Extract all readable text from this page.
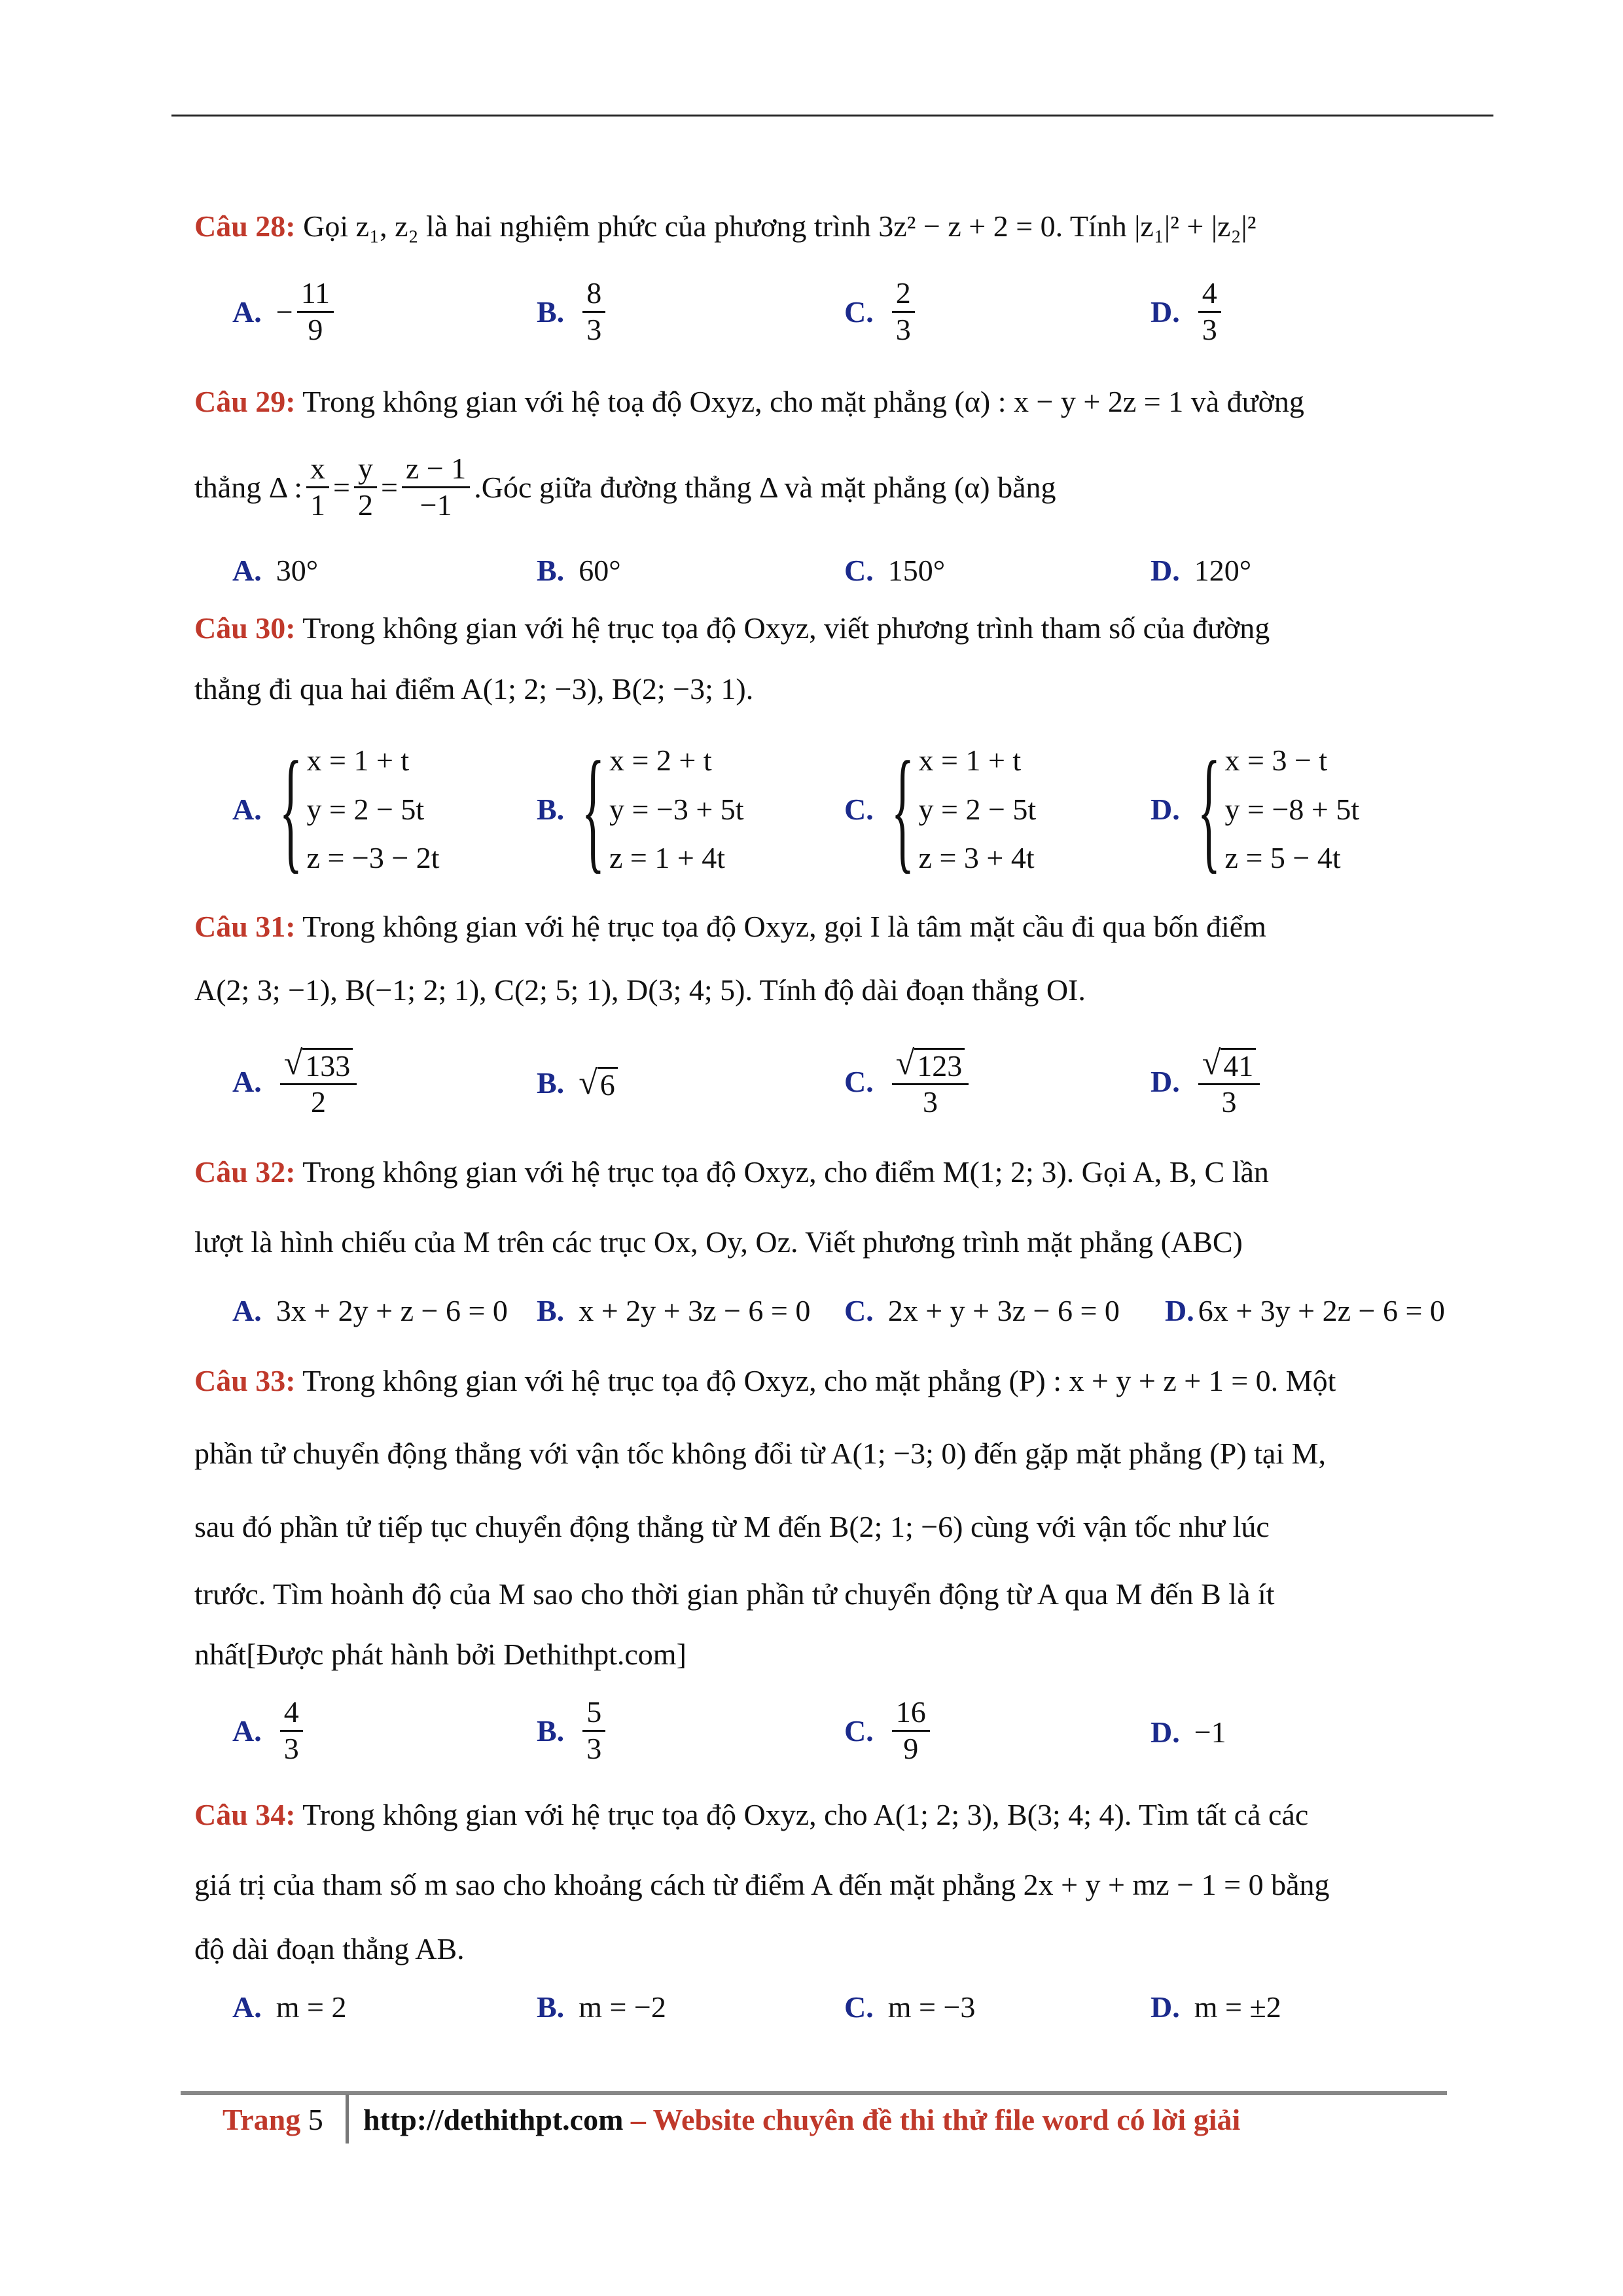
Câu 28: Gọi z₁, z₂ là hai nghiệm phức của phương trình 3z² − z + 2 = 0. Tính |z₁|² + |z₂|²
A. − $\frac{11}{9}$	B. $\frac{8}{3}$	C. $\frac{2}{3}$	D. $\frac{4}{3}$
Câu 29: Trong không gian với hệ toạ độ Oxyz, cho mặt phẳng (α) : x − y + 2z = 1 và đường
thẳng Δ : $\frac{x}{1} = \frac{y}{2} = \frac{z - 1}{-1}$ .Góc giữa đường thẳng Δ và mặt phẳng (α) bằng
A. 30°	B. 60°	C. 150°	D. 120°
Câu 30: Trong không gian với hệ trục tọa độ Oxyz, viết phương trình tham số của đường
thẳng đi qua hai điểm A(1; 2; −3), B(2; −3; 1).
A. { x = 1 + t
y = 2 − 5t
z = −3 − 2t
B. { x = 2 + t
y = −3 + 5t
z = 1 + 4t
C. { x = 1 + t
y = 2 − 5t
z = 3 + 4t
D. { x = 3 − t
y = −8 + 5t
z = 5 − 4t
Câu 31: Trong không gian với hệ trục tọa độ Oxyz, gọi I là tâm mặt cầu đi qua bốn điểm
A(2; 3; −1), B(−1; 2; 1), C(2; 5; 1), D(3; 4; 5). Tính độ dài đoạn thẳng OI.
A. $\frac{√ 133}{2}$	B. √ 6	C. $\frac{√ 123}{3}$	D. $\frac{√ 41}{3}$
Câu 32: Trong không gian với hệ trục tọa độ Oxyz, cho điểm M(1; 2; 3). Gọi A, B, C lần
lượt là hình chiếu của M trên các trục Ox, Oy, Oz. Viết phương trình mặt phẳng (ABC)
A. 3x + 2y + z − 6 = 0 B. x + 2y + 3z − 6 = 0 C. 2x + y + 3z − 6 = 0 D. 6x + 3y + 2z − 6 = 0
Câu 33: Trong không gian với hệ trục tọa độ Oxyz, cho mặt phẳng (P) : x + y + z + 1 = 0. Một
phần tử chuyển động thẳng với vận tốc không đổi từ A(1; −3; 0) đến gặp mặt phẳng (P) tại M,
sau đó phần tử tiếp tục chuyển động thẳng từ M đến B(2; 1; −6) cùng với vận tốc như lúc
trước. Tìm hoành độ của M sao cho thời gian phần tử chuyển động từ A qua M đến B là ít
nhất[Được phát hành bởi Dethithpt.com]
A. $\frac{4}{3}$	B. $\frac{5}{3}$	C. $\frac{16}{9}$	D. −1
Câu 34: Trong không gian với hệ trục tọa độ Oxyz, cho A(1; 2; 3), B(3; 4; 4). Tìm tất cả các
giá trị của tham số m sao cho khoảng cách từ điểm A đến mặt phẳng 2x + y + mz − 1 = 0 bằng
độ dài đoạn thẳng AB.
A. m = 2	B. m = −2	C. m = −3	D. m = ±2
Trang 5 http://dethithpt.com – Website chuyên đề thi thử file word có lời giải
